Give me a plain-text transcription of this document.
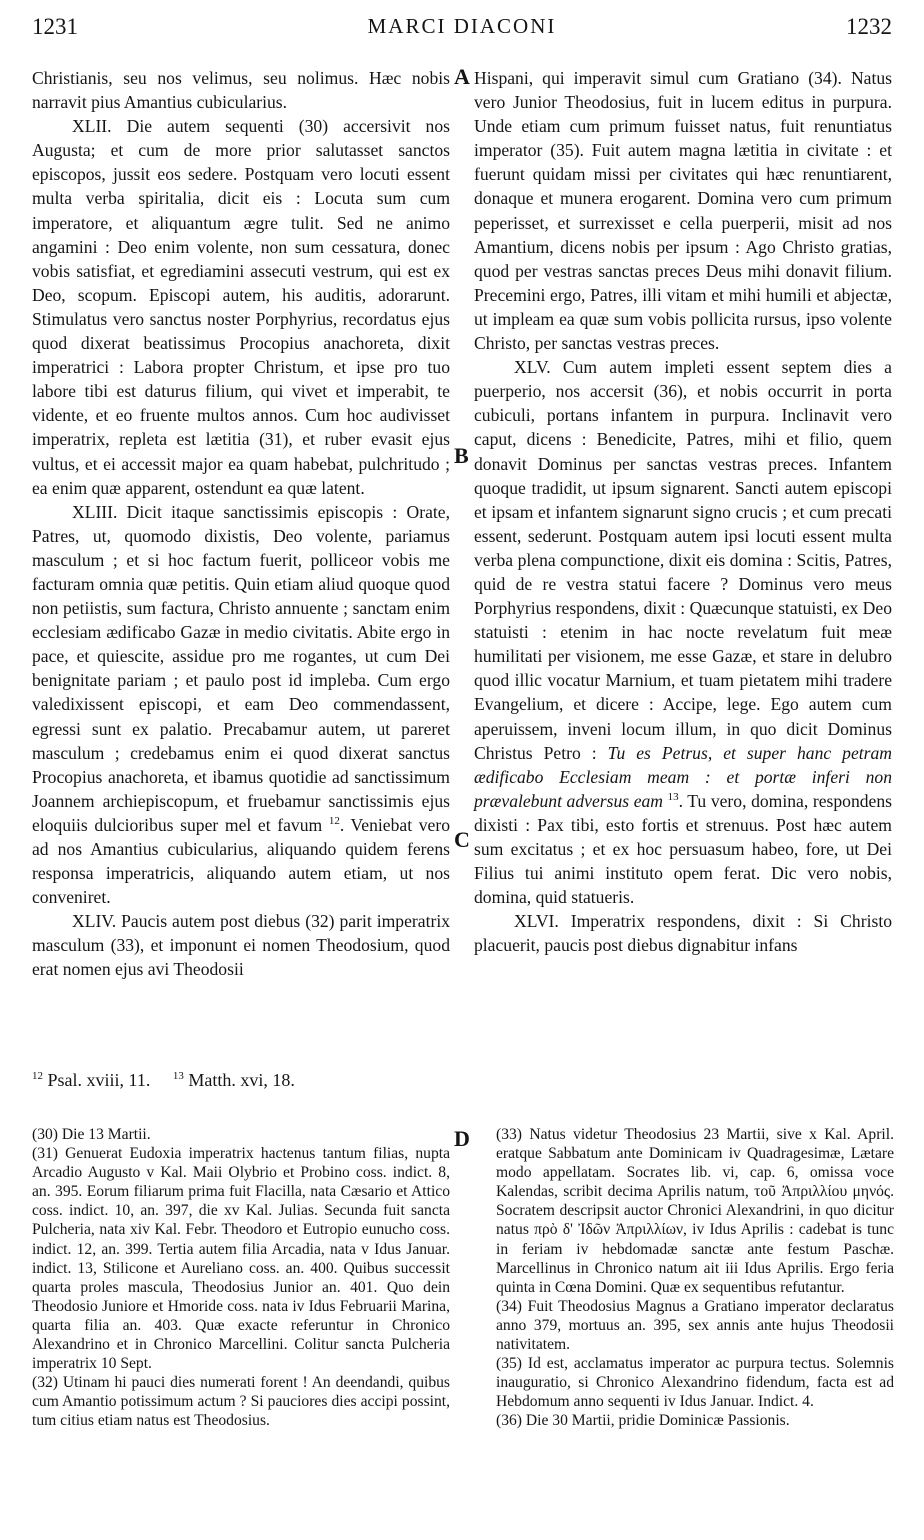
1231	MARCI DIACONI	1232
A
B
C
D

Christianis, seu nos velimus, seu nolimus. Hæc nobis narravit pius Amantius cubicularius.

XLII. Die autem sequenti (30) accersivit nos Augusta; et cum de more prior salutasset sanctos episcopos, jussit eos sedere. Postquam vero locuti essent multa verba spiritalia, dicit eis : Locuta sum cum imperatore, et aliquantum ægre tulit. Sed ne animo angamini : Deo enim volente, non sum cessatura, donec vobis satisfiat, et egrediamini assecuti vestrum, qui est ex Deo, scopum. Episcopi autem, his auditis, adorarunt. Stimulatus vero sanctus noster Porphyrius, recordatus ejus quod dixerat beatissimus Procopius anachoreta, dixit imperatrici : Labora propter Christum, et ipse pro tuo labore tibi est daturus filium, qui vivet et imperabit, te vidente, et eo fruente multos annos. Cum hoc audivisset imperatrix, repleta est lætitia (31), et ruber evasit ejus vultus, et ei accessit major ea quam habebat, pulchritudo ; ea enim quæ apparent, ostendunt ea quæ latent.

XLIII. Dicit itaque sanctissimis episcopis : Orate, Patres, ut, quomodo dixistis, Deo volente, pariamus masculum ; et si hoc factum fuerit, polliceor vobis me facturam omnia quæ petitis. Quin etiam aliud quoque quod non petiistis, sum factura, Christo annuente ; sanctam enim ecclesiam ædificabo Gazæ in medio civitatis. Abite ergo in pace, et quiescite, assidue pro me rogantes, ut cum Dei benignitate pariam ; et paulo post id impleba. Cum ergo valedixissent episcopi, et eam Deo commendassent, egressi sunt ex palatio. Precabamur autem, ut pareret masculum ; credebamus enim ei quod dixerat sanctus Procopius anachoreta, et ibamus quotidie ad sanctissimum Joannem archiepiscopum, et fruebamur sanctissimis ejus eloquiis dulcioribus super mel et favum $^{12}$. Veniebat vero ad nos Amantius cubicularius, aliquando quidem ferens responsa imperatricis, aliquando autem etiam, ut nos conveniret.

XLIV. Paucis autem post diebus (32) parit imperatrix masculum (33), et imponunt ei nomen Theodosium, quod erat nomen ejus avi Theodosii

Hispani, qui imperavit simul cum Gratiano (34). Natus vero Junior Theodosius, fuit in lucem editus in purpura. Unde etiam cum primum fuisset natus, fuit renuntiatus imperator (35). Fuit autem magna lætitia in civitate : et fuerunt quidam missi per civitates qui hæc renuntiarent, donaque et munera erogarent. Domina vero cum primum peperisset, et surrexisset e cella puerperii, misit ad nos Amantium, dicens nobis per ipsum : Ago Christo gratias, quod per vestras sanctas preces Deus mihi donavit filium. Precemini ergo, Patres, illi vitam et mihi humili et abjectæ, ut impleam ea quæ sum vobis pollicita rursus, ipso volente Christo, per sanctas vestras preces.

XLV. Cum autem impleti essent septem dies a puerperio, nos accersit (36), et nobis occurrit in porta cubiculi, portans infantem in purpura. Inclinavit vero caput, dicens : Benedicite, Patres, mihi et filio, quem donavit Dominus per sanctas vestras preces. Infantem quoque tradidit, ut ipsum signarent. Sancti autem episcopi et ipsam et infantem signarunt signo crucis ; et cum precati essent, sederunt. Postquam autem ipsi locuti essent multa verba plena compunctione, dixit eis domina : Scitis, Patres, quid de re vestra statui facere ? Dominus vero meus Porphyrius respondens, dixit : Quæcunque statuisti, ex Deo statuisti : etenim in hac nocte revelatum fuit meæ humilitati per visionem, me esse Gazæ, et stare in delubro quod illic vocatur Marnium, et tuam pietatem mihi tradere Evangelium, et dicere : Accipe, lege. Ego autem cum aperuissem, inveni locum illum, in quo dicit Dominus Christus Petro : Tu es Petrus, et super hanc petram ædificabo Ecclesiam meam : et portæ inferi non prævalebunt adversus eam $^{13}$. Tu vero, domina, respondens dixisti : Pax tibi, esto fortis et strenuus. Post hæc autem sum excitatus ; et ex hoc persuasum habeo, fore, ut Dei Filius tui animi instituto opem ferat. Dic vero nobis, domina, quid statueris.

XLVI. Imperatrix respondens, dixit : Si Christo placuerit, paucis post diebus dignabitur infans

$^{12}$ Psal. xviii, 11. $^{13}$ Matth. xvi, 18.

(30) Die 13 Martii.

(31) Genuerat Eudoxia imperatrix hactenus tantum filias, nupta Arcadio Augusto v Kal. Maii Olybrio et Probino coss. indict. 8, an. 395. Eorum filiarum prima fuit Flacilla, nata Cæsario et Attico coss. indict. 10, an. 397, die xv Kal. Julias. Secunda fuit sancta Pulcheria, nata xiv Kal. Febr. Theodoro et Eutropio eunucho coss. indict. 12, an. 399. Tertia autem filia Arcadia, nata v Idus Januar. indict. 13, Stilicone et Aureliano coss. an. 400. Quibus successit quarta proles mascula, Theodosius Junior an. 401. Quo dein Theodosio Juniore et Hmoride coss. nata iv Idus Februarii Marina, quarta filia an. 403. Quæ exacte referuntur in Chronico Alexandrino et in Chronico Marcellini. Colitur sancta Pulcheria imperatrix 10 Sept.

(32) Utinam hi pauci dies numerati forent ! An deendandi, quibus cum Amantio potissimum actum ? Si pauciores dies accipi possint, tum citius etiam natus est Theodosius.

(33) Natus videtur Theodosius 23 Martii, sive x Kal. April. eratque Sabbatum ante Dominicam iv Quadragesimæ, Lætare modo appellatam. Socrates lib. vi, cap. 6, omissa voce Kalendas, scribit decima Aprilis natum, τοῦ Ἀπριλλίου μηνός. Socratem descripsit auctor Chronici Alexandrini, in quo dicitur natus πρὸ δ' Ἰδῶν Ἀπριλλίων, iv Idus Aprilis : cadebat is tunc in feriam iv hebdomadæ sanctæ ante festum Paschæ. Marcellinus in Chronico natum ait iii Idus Aprilis. Ergo feria quinta in Cœna Domini. Quæ ex sequentibus refutantur.

(34) Fuit Theodosius Magnus a Gratiano imperator declaratus anno 379, mortuus an. 395, sex annis ante hujus Theodosii nativitatem.

(35) Id est, acclamatus imperator ac purpura tectus. Solemnis inauguratio, si Chronico Alexandrino fidendum, facta est ad Hebdomum anno sequenti iv Idus Januar. Indict. 4.

(36) Die 30 Martii, pridie Dominicæ Passionis.
